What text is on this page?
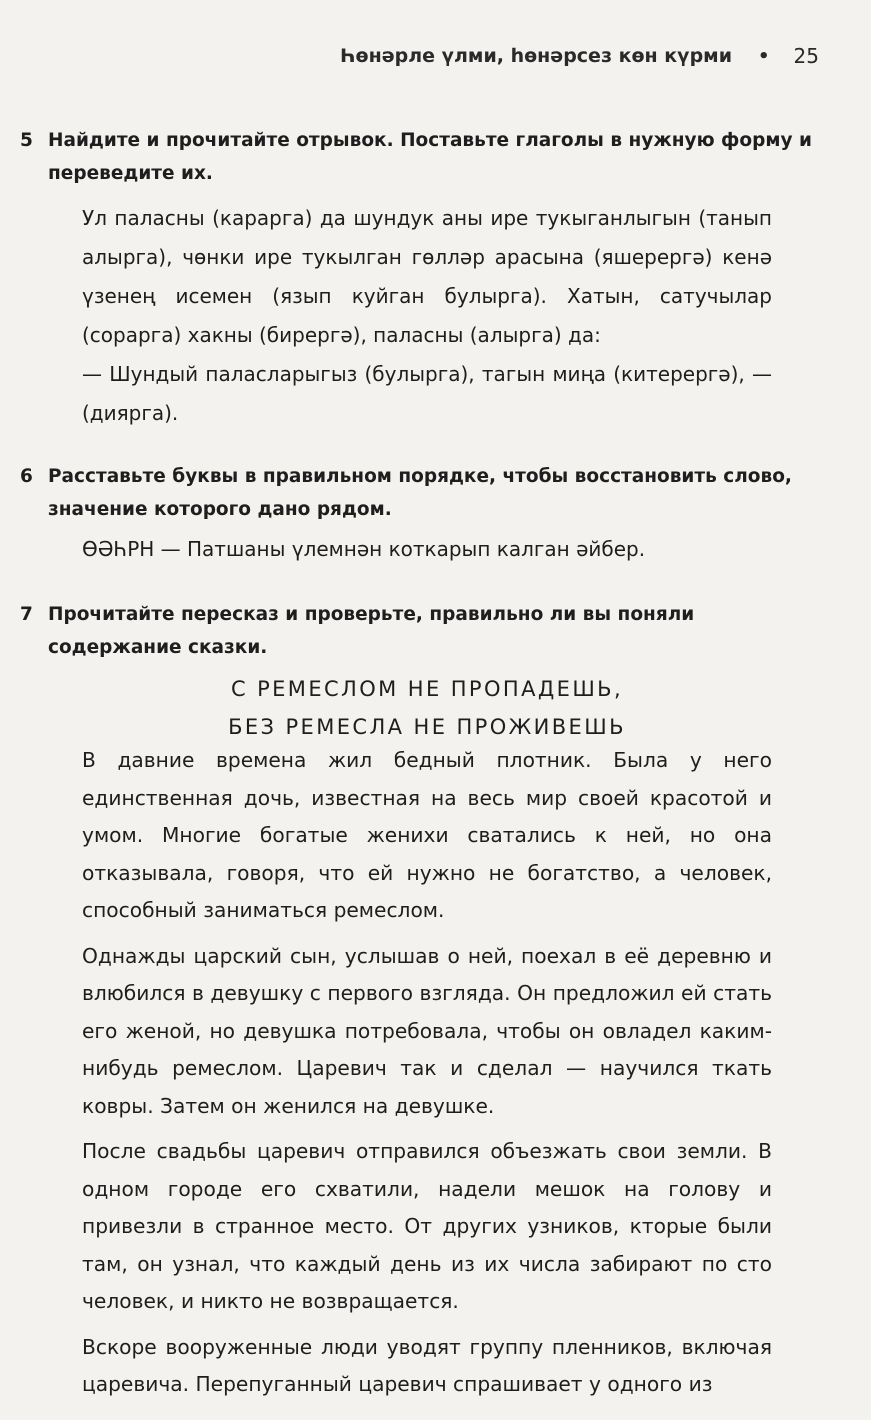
Һөнәрле үлми, һөнәрсез көн күрми • 25
5 Найдите и прочитайте отрывок. Поставьте глаголы в нужную форму и переведите их.

Ул паласны (карарга) да шундук аны ире тукыганлыгын (танып алырга), чөнки ире тукылган гөлләр арасына (яшерергә) кенә үзенең исемен (язып куйган булырга). Хатын, сатучылар (сорарга) хакны (бирергә), паласны (алырга) да:

— Шундый паласларыгыз (булырга), тагын миңа (китерергә), — (диярга).

6 Расставьте буквы в правильном порядке, чтобы восстановить слово, значение которого дано рядом.

ӨӘҺРН — Патшаны үлемнән коткарып калган әйбер.

7 Прочитайте пересказ и проверьте, правильно ли вы поняли содержание сказки.
С РЕМЕСЛОМ НЕ ПРОПАДЕШЬ,
БЕЗ РЕМЕСЛА НЕ ПРОЖИВЕШЬ

В давние времена жил бедный плотник. Была у него единственная дочь, известная на весь мир своей красотой и умом. Многие богатые женихи сватались к ней, но она отказывала, говоря, что ей нужно не богатство, а человек, способный заниматься ремеслом.

Однажды царский сын, услышав о ней, поехал в её деревню и влюбился в девушку с первого взгляда. Он предложил ей стать его женой, но девушка потребовала, чтобы он овладел каким-нибудь ремеслом. Царевич так и сделал — научился ткать ковры. Затем он женился на девушке.

После свадьбы царевич отправился объезжать свои земли. В одном городе его схватили, надели мешок на голову и привезли в странное место. От других узников, кторые были там, он узнал, что каждый день из их числа забирают по сто человек, и никто не возвращается.

Вскоре вооруженные люди уводят группу пленников, включая царевича. Перепуганный царевич спрашивает у одного из
